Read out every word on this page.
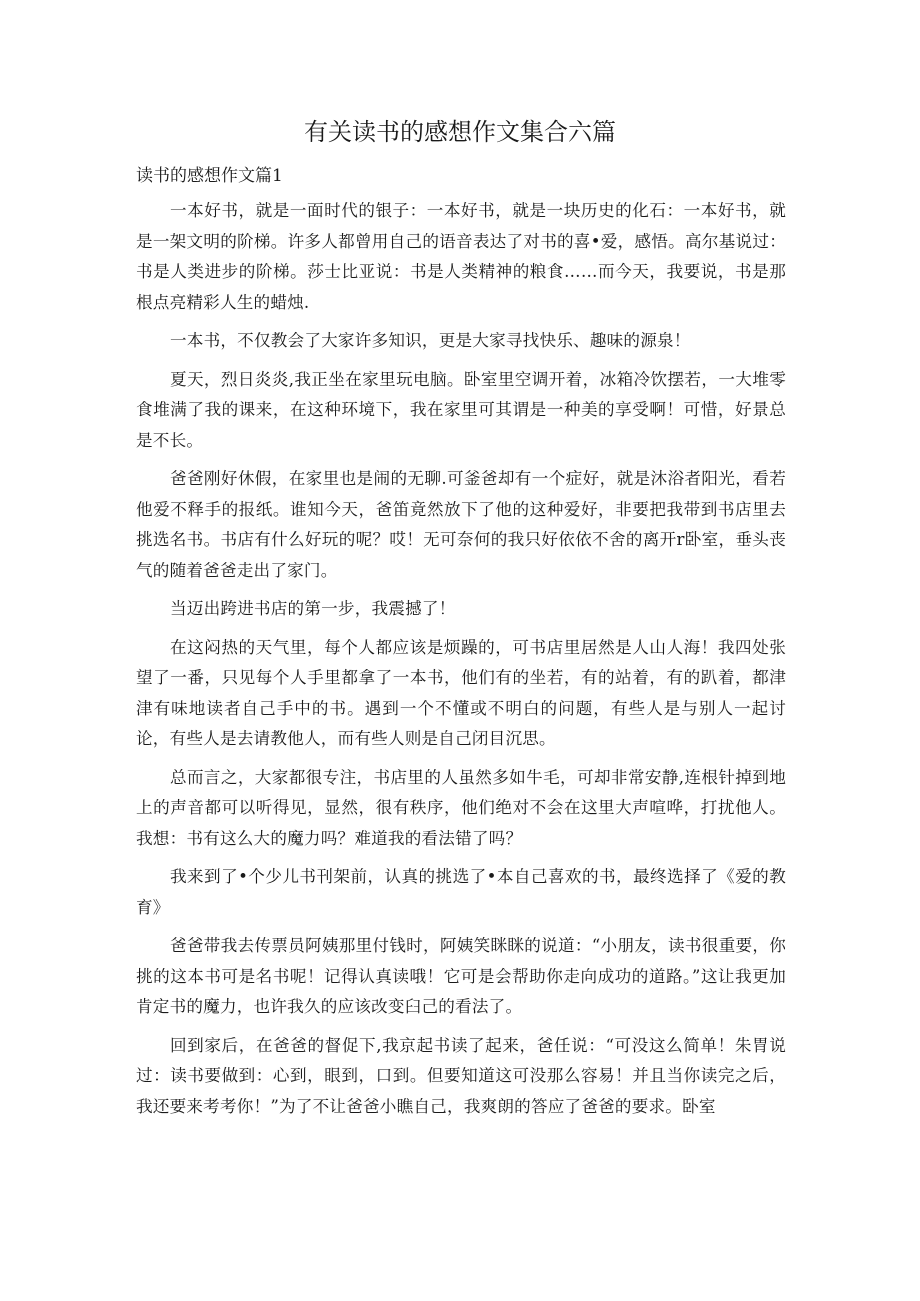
有关读书的感想作文集合六篇
读书的感想作文篇1

一本好书，就是一面时代的银子：一本好书，就是一块历史的化石：一本好书，就是一架文明的阶梯。许多人都曾用自己的语音表达了对书的喜•爱，感悟。高尔基说过：书是人类进步的阶梯。莎士比亚说：书是人类精神的粮食……而今天，我要说，书是那根点亮精彩人生的蜡烛.

一本书，不仅教会了大家许多知识，更是大家寻找快乐、趣味的源泉！

夏天，烈日炎炎,我正坐在家里玩电脑。卧室里空调开着，冰箱冷饮摆若，一大堆零食堆满了我的课来，在这种环境下，我在家里可其谓是一种美的享受啊！可惜，好景总是不长。

爸爸刚好休假，在家里也是闹的无聊.可釜爸却有一个症好，就是沐浴者阳光，看若他爱不释手的报纸。谁知今天，爸笛竟然放下了他的这种爱好，非要把我带到书店里去挑选名书。书店有什么好玩的呢？哎！无可奈何的我只好依依不舍的离开r卧室，垂头丧气的随着爸爸走出了家门。

当迈出跨进书店的第一步，我震撼了！

在这闷热的天气里，每个人都应该是烦躁的，可书店里居然是人山人海！我四处张望了一番，只见每个人手里都拿了一本书，他们有的坐若，有的站着，有的趴着，都津津有味地读者自己手中的书。遇到一个不懂或不明白的问题，有些人是与别人一起讨论，有些人是去请教他人，而有些人则是自己闭目沉思。

总而言之，大家都很专注，书店里的人虽然多如牛毛，可却非常安静,连根针掉到地上的声音都可以听得见，显然，很有秩序，他们绝对不会在这里大声喧哗，打扰他人。我想：书有这么大的魔力吗？难道我的看法错了吗？

我来到了•个少儿书刊架前，认真的挑选了•本自己喜欢的书，最终选择了《爱的教育》

爸爸带我去传票员阿姨那里付钱时，阿姨笑眯眯的说道：“小朋友，读书很重要，你挑的这本书可是名书呢！记得认真读哦！它可是会帮助你走向成功的道路。”这让我更加肯定书的魔力，也许我久的应该改变臼己的看法了。

回到家后，在爸爸的督促下,我京起书读了起来，爸任说：“可没这么简单！朱胃说过：读书要做到：心到，眼到，口到。但要知道这可没那么容易！并且当你读完之后，我还要来考考你！”为了不让爸爸小瞧自己，我爽朗的答应了爸爸的要求。卧室
